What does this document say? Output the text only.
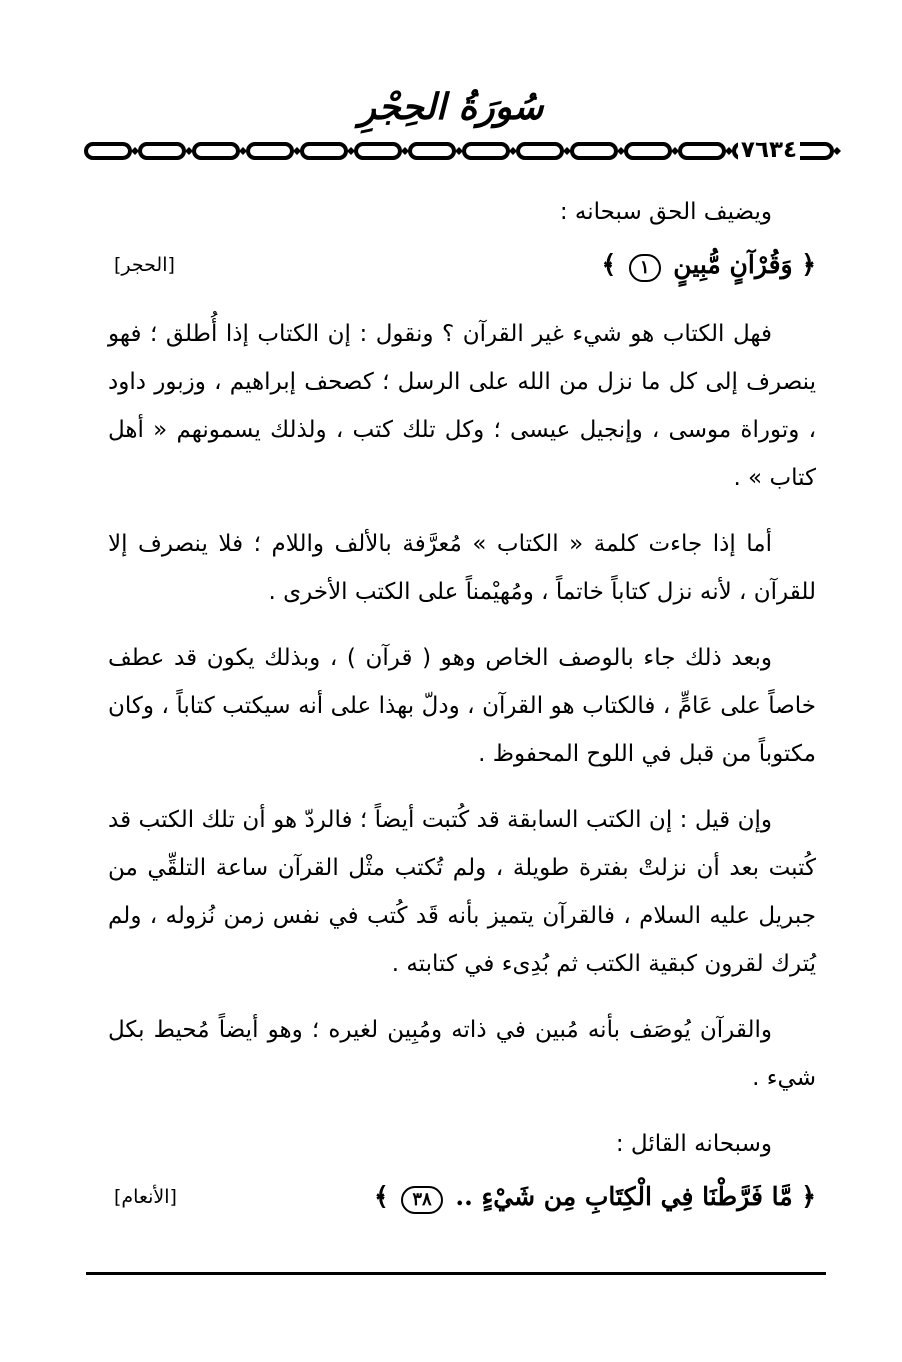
سُورَةُ الحِجْرِ
٧٦٣٤

ويضيف الحق سبحانه :

﴿ وَقُرْآنٍ مُّبِينٍ ١ ﴾
[الحجر]

فهل الكتاب هو شيء غير القرآن ؟ ونقول : إن الكتاب إذا أُطلق ؛ فهو ينصرف إلى كل ما نزل من الله على الرسل ؛ كصحف إبراهيم ، وزبور داود ، وتوراة موسى ، وإنجيل عيسى ؛ وكل تلك كتب ، ولذلك يسمونهم « أهل كتاب » .

أما إذا جاءت كلمة « الكتاب » مُعرَّفة بالألف واللام ؛ فلا ينصرف إلا للقرآن ، لأنه نزل كتاباً خاتماً ، ومُهيْمناً على الكتب الأخرى .

وبعد ذلك جاء بالوصف الخاص وهو ( قرآن ) ، وبذلك يكون قد عطف خاصاً على عَامٍّ ، فالكتاب هو القرآن ، ودلّ بهذا على أنه سيكتب كتاباً ، وكان مكتوباً من قبل في اللوح المحفوظ .

وإن قيل : إن الكتب السابقة قد كُتبت أيضاً ؛ فالردّ هو أن تلك الكتب قد كُتبت بعد أن نزلتْ بفترة طويلة ، ولم تُكتب مثْل القرآن ساعة التلقِّي من جبريل عليه السلام ، فالقرآن يتميز بأنه قَد كُتب في نفس زمن نُزوله ، ولم يُترك لقرون كبقية الكتب ثم بُدِىء في كتابته .

والقرآن يُوصَف بأنه مُبين في ذاته ومُبِين لغيره ؛ وهو أيضاً مُحيط بكل شيء .

وسبحانه القائل :

﴿ مَّا فَرَّطْنَا فِي الْكِتَابِ مِن شَيْءٍ .. ٣٨ ﴾
[الأنعام]
